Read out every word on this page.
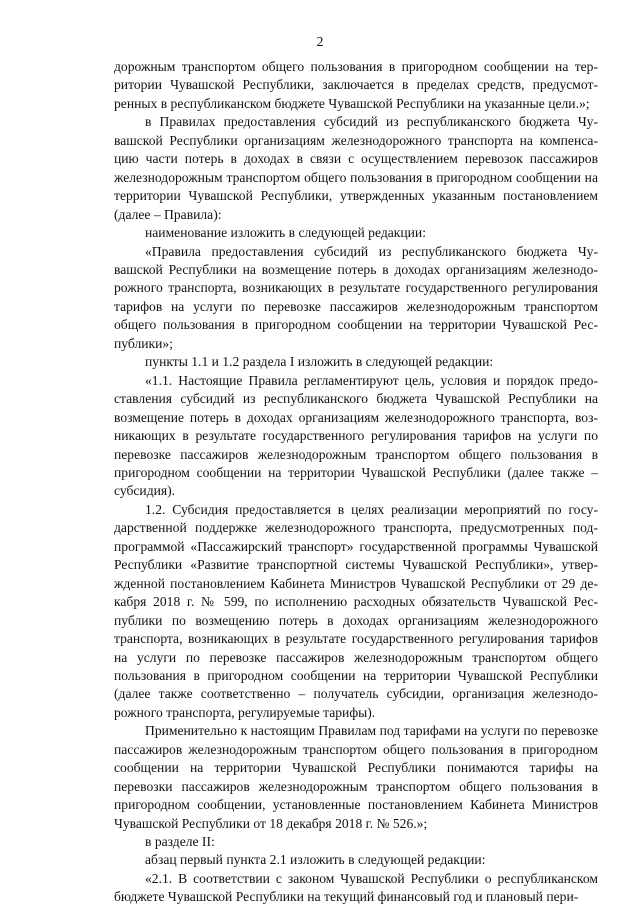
2

дорожным транспортом общего пользования в пригородном сообщении на территории Чувашской Республики, заключается в пределах средств, предусмотренных в республиканском бюджете Чувашской Республики на указанные цели.»;

в Правилах предоставления субсидий из республиканского бюджета Чувашской Республики организациям железнодорожного транспорта на компенсацию части потерь в доходах в связи с осуществлением перевозок пассажиров железнодорожным транспортом общего пользования в пригородном сообщении на территории Чувашской Республики, утвержденных указанным постановлением (далее – Правила):

наименование изложить в следующей редакции:

«Правила предоставления субсидий из республиканского бюджета Чувашской Республики на возмещение потерь в доходах организациям железнодорожного транспорта, возникающих в результате государственного регулирования тарифов на услуги по перевозке пассажиров железнодорожным транспортом общего пользования в пригородном сообщении на территории Чувашской Республики»;

пункты 1.1 и 1.2 раздела I изложить в следующей редакции:

«1.1. Настоящие Правила регламентируют цель, условия и порядок предоставления субсидий из республиканского бюджета Чувашской Республики на возмещение потерь в доходах организациям железнодорожного транспорта, возникающих в результате государственного регулирования тарифов на услуги по перевозке пассажиров железнодорожным транспортом общего пользования в пригородном сообщении на территории Чувашской Республики (далее также – субсидия).

1.2. Субсидия предоставляется в целях реализации мероприятий по государственной поддержке железнодорожного транспорта, предусмотренных подпрограммой «Пассажирский транспорт» государственной программы Чувашской Республики «Развитие транспортной системы Чувашской Республики», утвержденной постановлением Кабинета Министров Чувашской Республики от 29 декабря 2018 г. № 599, по исполнению расходных обязательств Чувашской Республики по возмещению потерь в доходах организациям железнодорожного транспорта, возникающих в результате государственного регулирования тарифов на услуги по перевозке пассажиров железнодорожным транспортом общего пользования в пригородном сообщении на территории Чувашской Республики (далее также соответственно – получатель субсидии, организация железнодорожного транспорта, регулируемые тарифы).

Применительно к настоящим Правилам под тарифами на услуги по перевозке пассажиров железнодорожным транспортом общего пользования в пригородном сообщении на территории Чувашской Республики понимаются тарифы на перевозки пассажиров железнодорожным транспортом общего пользования в пригородном сообщении, установленные постановлением Кабинета Министров Чувашской Республики от 18 декабря 2018 г. № 526.»;

в разделе II:

абзац первый пункта 2.1 изложить в следующей редакции:

«2.1. В соответствии с законом Чувашской Республики о республиканском бюджете Чувашской Республики на текущий финансовый год и плановый пери-
